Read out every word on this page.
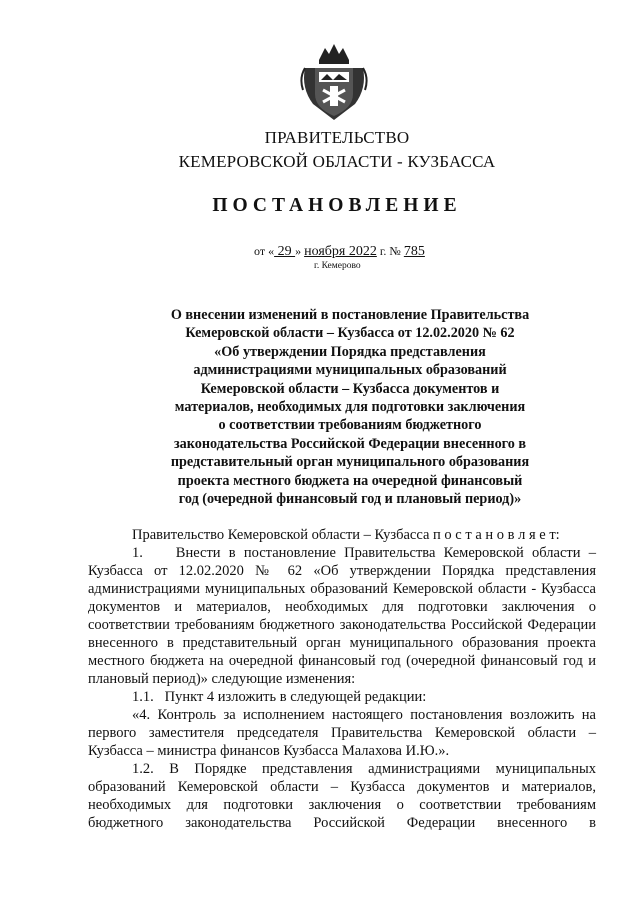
ПРАВИТЕЛЬСТВО
КЕМЕРОВСКОЙ ОБЛАСТИ - КУЗБАССА
ПОСТАНОВЛЕНИЕ
от « 29 » ноября 2022 г. № 785
г. Кемерово
О внесении изменений в постановление Правительства
Кемеровской области – Кузбасса от 12.02.2020 № 62
«Об утверждении Порядка представления
администрациями муниципальных образований
Кемеровской области – Кузбасса документов и
материалов, необходимых для подготовки заключения
о соответствии требованиям бюджетного
законодательства Российской Федерации внесенного в
представительный орган муниципального образования
проекта местного бюджета на очередной финансовый
год (очередной финансовый год и плановый период)»

Правительство Кемеровской области – Кузбасса п о с т а н о в л я е т:

1.    Внести в постановление Правительства Кемеровской области – Кузбасса от 12.02.2020 № 62 «Об утверждении Порядка представления администрациями муниципальных образований Кемеровской области - Кузбасса документов и материалов, необходимых для подготовки заключения о соответствии требованиям бюджетного законодательства Российской Федерации внесенного в представительный орган муниципального образования проекта местного бюджета на очередной финансовый год (очередной финансовый год и плановый период)» следующие изменения:

1.1.   Пункт 4 изложить в следующей редакции:

«4. Контроль за исполнением настоящего постановления возложить на первого заместителя председателя Правительства Кемеровской области – Кузбасса – министра финансов Кузбасса Малахова И.Ю.».

1.2. В Порядке представления администрациями муниципальных образований Кемеровской области – Кузбасса документов и материалов, необходимых для подготовки заключения о соответствии требованиям бюджетного законодательства Российской Федерации внесенного в
